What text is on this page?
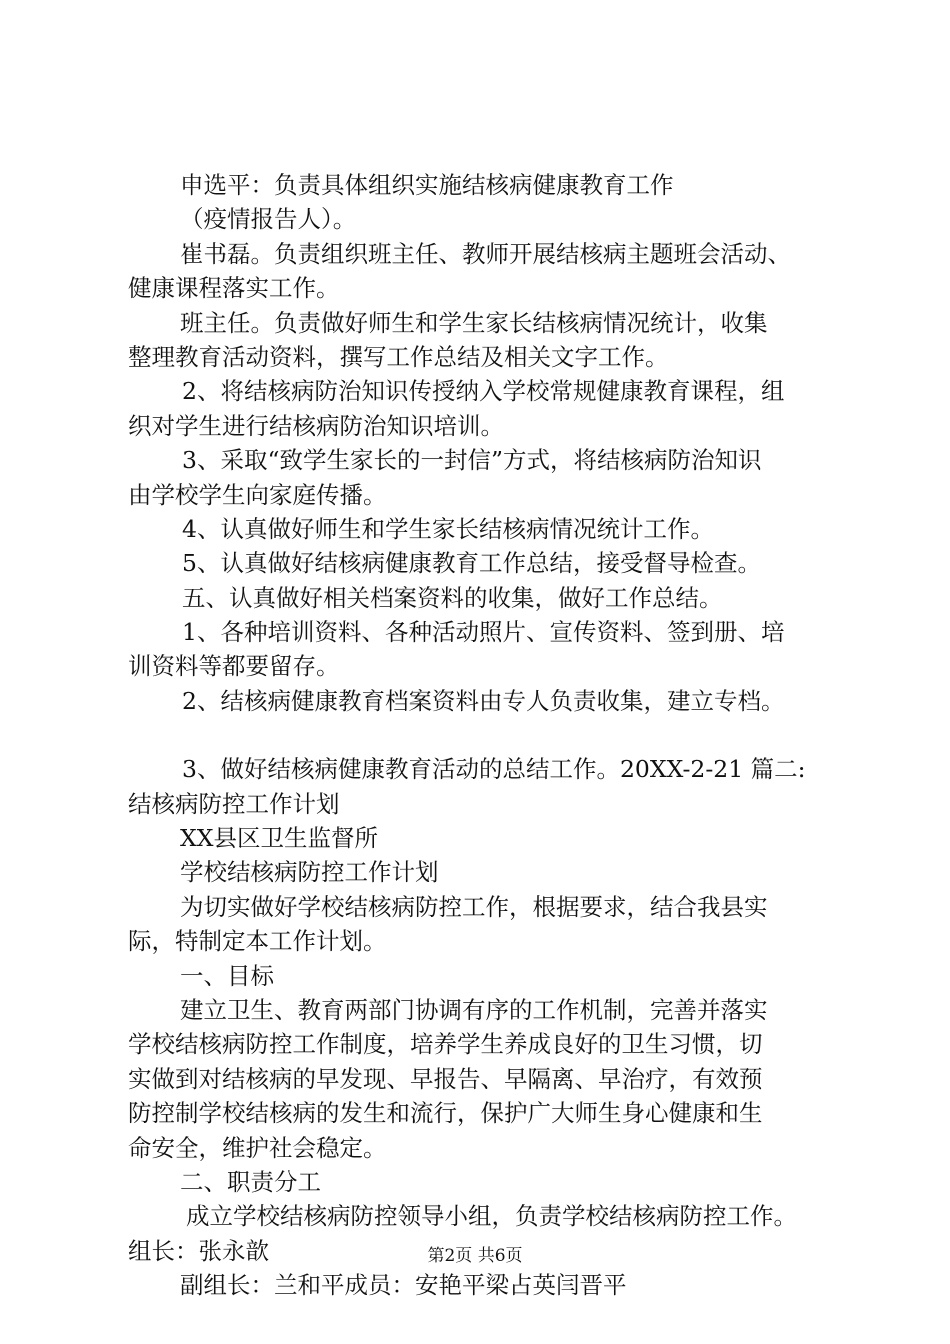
申选平：负责具体组织实施结核病健康教育工作
（疫情报告人）。
崔书磊。负责组织班主任、教师开展结核病主题班会活动、
健康课程落实工作。
班主任。负责做好师生和学生家长结核病情况统计，收集
整理教育活动资料，撰写工作总结及相关文字工作。
2、将结核病防治知识传授纳入学校常规健康教育课程，组
织对学生进行结核病防治知识培训。
3、采取“致学生家长的一封信”方式，将结核病防治知识
由学校学生向家庭传播。
4、认真做好师生和学生家长结核病情况统计工作。
5、认真做好结核病健康教育工作总结，接受督导检查。
五、认真做好相关档案资料的收集，做好工作总结。
1、各种培训资料、各种活动照片、宣传资料、签到册、培
训资料等都要留存。
2、结核病健康教育档案资料由专人负责收集，建立专档。
3、做好结核病健康教育活动的总结工作。20XX-2-21 篇二:
结核病防控工作计划
XX县区卫生监督所
学校结核病防控工作计划
为切实做好学校结核病防控工作，根据要求，结合我县实
际，特制定本工作计划。
一、目标
建立卫生、教育两部门协调有序的工作机制，完善并落实
学校结核病防控工作制度，培养学生养成良好的卫生习惯，切
实做到对结核病的早发现、早报告、早隔离、早治疗，有效预
防控制学校结核病的发生和流行，保护广大师生身心健康和生
命安全，维护社会稳定。
二、职责分工
成立学校结核病防控领导小组，负责学校结核病防控工作。
组长：张永歆
副组长：兰和平成员：安艳平梁占英闫晋平
第2页 共6页
